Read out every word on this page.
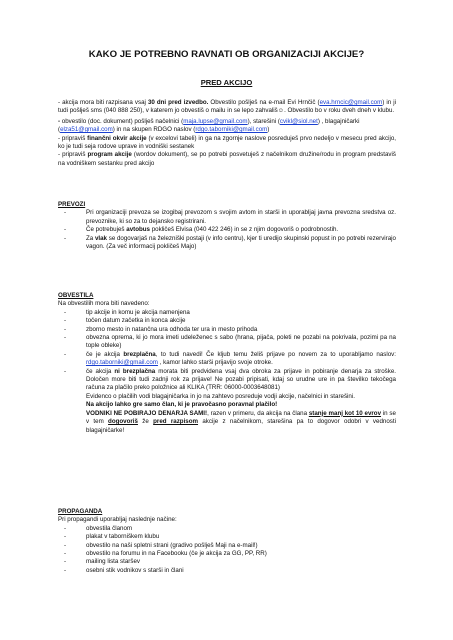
KAKO JE POTREBNO RAVNATI OB ORGANIZACIJI AKCIJE?
PRED AKCIJO

- akcija mora biti razpisana vsaj 30 dni pred izvedbo. Obvestilo pošlješ na e-mail Evi Hrnčič (eva.hrncic@gmail.com) in ji tudi pošlješ sms (040 888 250), v katerem jo obvestiš o mailu in se lepo zahvališ☺. Obvestilo bo v roku dveh dneh v klubu.

- obvestilo (doc. dokument) pošlješ načelnici (maja.lupse@gmail.com), starešini (cvikl@siol.net) , blagajničarki (elza51@gmail.com) in na skupen RDGO naslov (rdgo.taborniki@gmail.com)

- pripraviš finančni okvir akcije (v excelovi tabeli) in ga na zgornje naslove posreduješ prvo nedeljo v mesecu pred akcijo, ko je tudi seja rodove uprave in vodniški sestanek

- pripraviš program akcije (wordov dokument), se po potrebi posvetuješ z načelnikom družine/rodu in program predstaviš na vodniškem sestanku pred akcijo

PREVOZI
-	Pri organizaciji prevoza se izogibaj prevozom s svojim avtom in starši in uporabljaj javna prevozna sredstva oz. prevoznike, ki so za to dejansko registrirani.
-	Če potrebuješ avtobus pokličeš Elvisa (040 422 246) in se z njim dogovoriš o podrobnostih.
-	Za vlak se dogovarjaš na železniški postaji (v info centru), kjer ti uredijo skupinski popust in po potrebi rezervirajo vagon. (Za več informacij pokličeš Majo)
OBVESTILA
Na obvestilih mora biti navedeno:
-	tip akcije in komu je akcija namenjena
-	točen datum začetka in konca akcije
-	zborno mesto in natančna ura odhoda ter ura in mesto prihoda
-	obvezna oprema, ki jo mora imeti udeleženec s sabo (hrana, pijača, poleti ne pozabi na pokrivala, pozimi pa na tople obleke)
-	če je akcija brezplačna, to tudi navedi! Če kljub temu želiš prijave po novem za to uporabljamo naslov: rdgo.taborniki@gmail.com , kamor lahko starši prijavijo svoje otroke.
-	če akcija ni brezplačna morata biti predvidena vsaj dva obroka za prijave in pobiranje denarja za stroške. Določen more biti tudi zadnji rok za prijave! Ne pozabi pripisati, kdaj so urudne ure in pa številko tekočega računa za plačilo preko položnice ali KLIKA (TRR: 06000-0003648081)
Evidenco o plačilih vodi blagajničarka in jo na zahtevo posreduje vodji akcije, načelnici in starešini.
Na akcijo lahko gre samo član, ki je pravočasno poravnal plačilo!
VODNIKI NE POBIRAJO DENARJA SAMI!, razen v primeru, da akcija na člana stanje manj kot 10 evrov in se v tem dogovoriš že pred razpisom akcije z načelnikom, starešina pa to dogovor odobri v vednosti blagajničarke!
PROPAGANDA
Pri propagandi uporabljaj naslednje načine:
-	obvestila članom
-	plakat v taborniškem klubu
-	obvestilo na naši spletni strani (gradivo pošlješ Maji na e-mail!)
-	obvestilo na forumu in na Facebooku (če je akcija za GG, PP, RR)
-	mailing lista staršev
-	osebni stik vodnikov s starši in člani
